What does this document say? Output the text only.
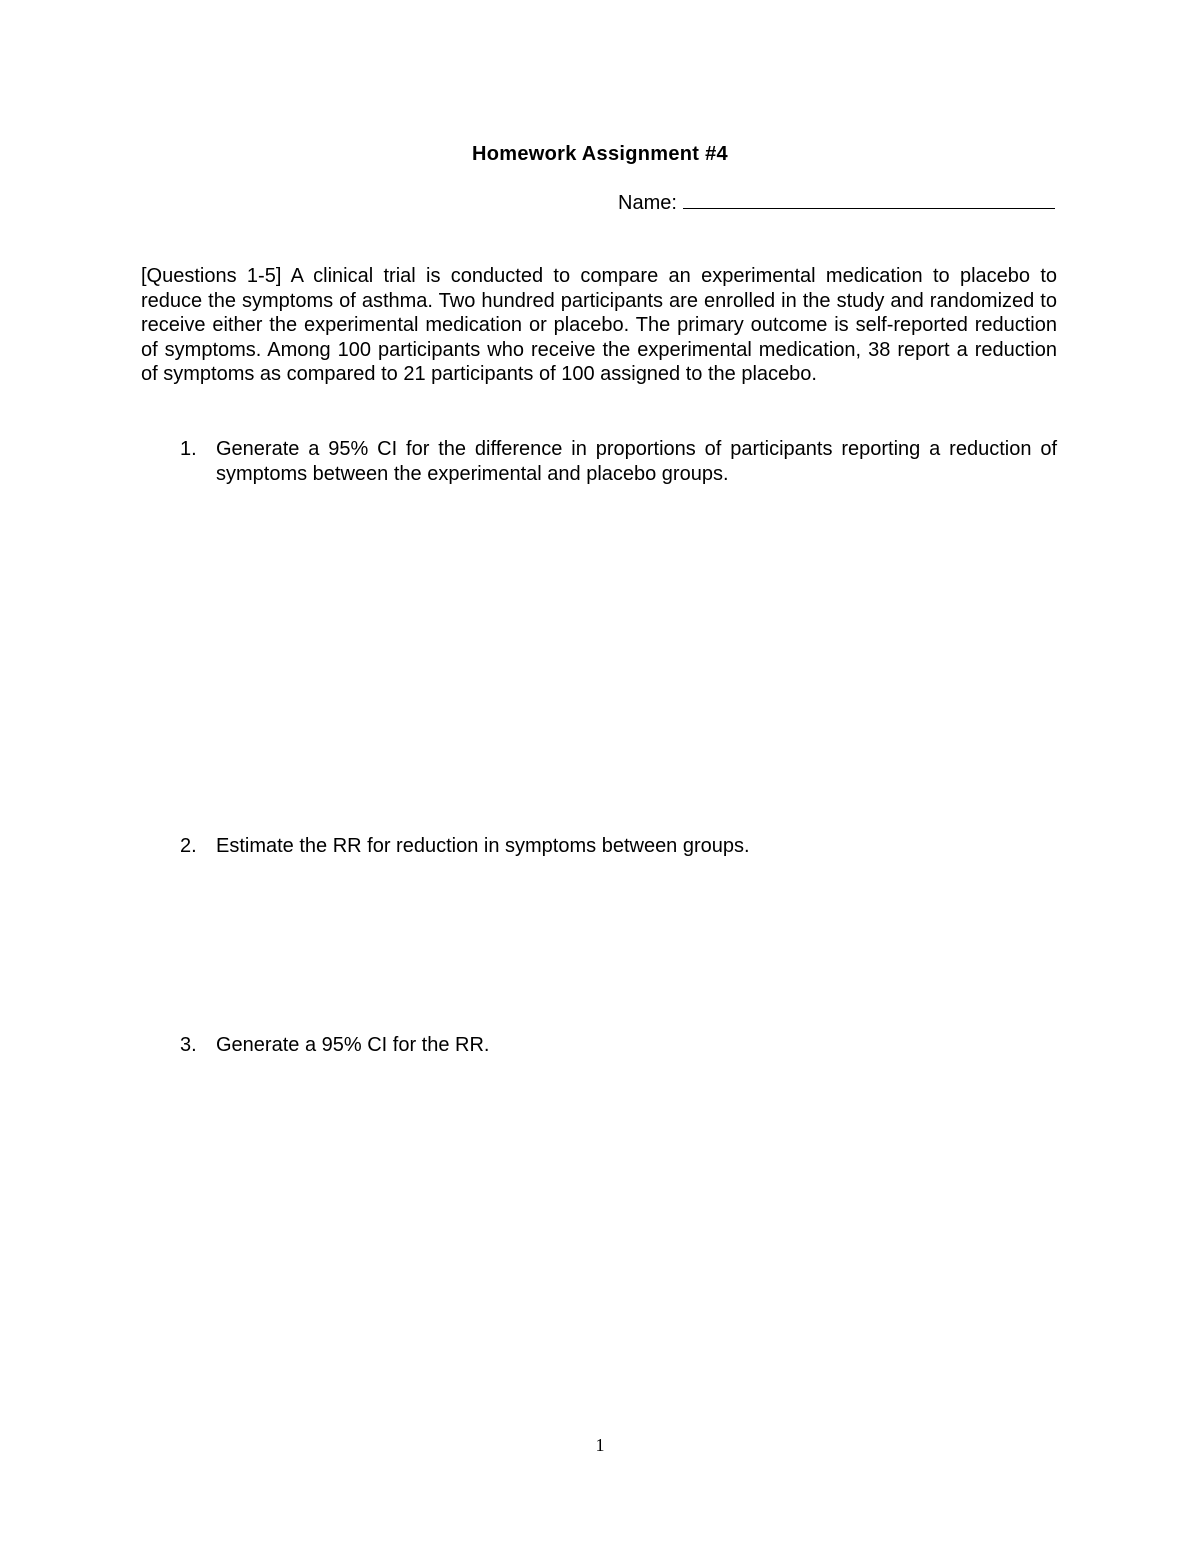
Homework Assignment #4
Name:

[Questions 1-5] A clinical trial is conducted to compare an experimental medication to placebo to reduce the symptoms of asthma. Two hundred participants are enrolled in the study and randomized to receive either the experimental medication or placebo. The primary outcome is self-reported reduction of symptoms. Among 100 participants who receive the experimental medication, 38 report a reduction of symptoms as compared to 21 participants of 100 assigned to the placebo.

1. Generate a 95% CI for the difference in proportions of participants reporting a reduction of symptoms between the experimental and placebo groups.
2. Estimate the RR for reduction in symptoms between groups.
3. Generate a 95% CI for the RR.
1
